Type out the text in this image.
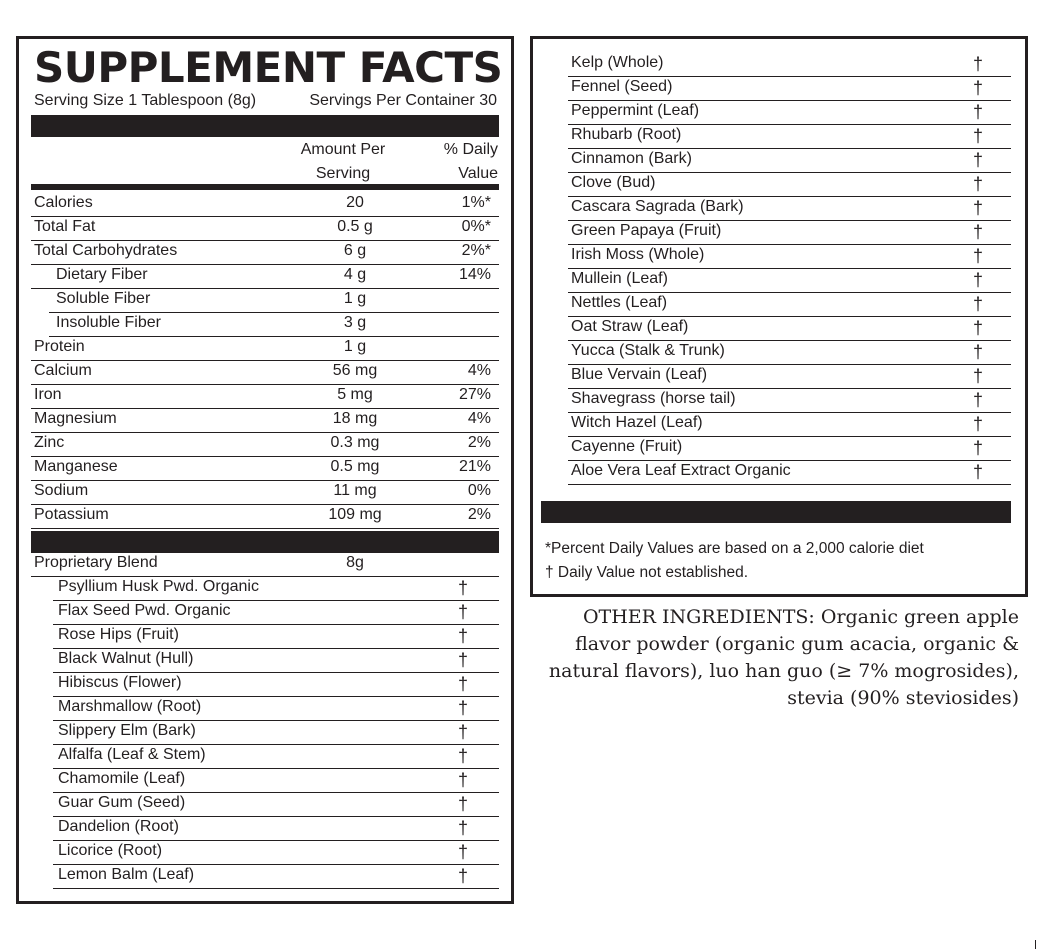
SUPPLEMENT FACTS
Serving Size 1 Tablespoon (8g)	Servings Per Container 30
Amount Per
Serving
% Daily
Value
Calories	20	1%*
Total Fat	0.5 g	0%*
Total Carbohydrates	6 g	2%*
Dietary Fiber	4 g	14%
Soluble Fiber	1 g
Insoluble Fiber	3 g
Protein	1 g
Calcium	56 mg	4%
Iron	5 mg	27%
Magnesium	18 mg	4%
Zinc	0.3 mg	2%
Manganese	0.5 mg	21%
Sodium	11 mg	0%
Potassium	109 mg	2%
Proprietary Blend	8g
Psyllium Husk Pwd. Organic	†
Flax Seed Pwd. Organic	†
Rose Hips (Fruit)	†
Black Walnut (Hull)	†
Hibiscus (Flower)	†
Marshmallow (Root)	†
Slippery Elm (Bark)	†
Alfalfa (Leaf & Stem)	†
Chamomile (Leaf)	†
Guar Gum (Seed)	†
Dandelion (Root)	†
Licorice (Root)	†
Lemon Balm (Leaf)	†
Kelp (Whole)	†
Fennel (Seed)	†
Peppermint (Leaf)	†
Rhubarb (Root)	†
Cinnamon (Bark)	†
Clove (Bud)	†
Cascara Sagrada (Bark)	†
Green Papaya (Fruit)	†
Irish Moss (Whole)	†
Mullein (Leaf)	†
Nettles (Leaf)	†
Oat Straw (Leaf)	†
Yucca (Stalk & Trunk)	†
Blue Vervain (Leaf)	†
Shavegrass (horse tail)	†
Witch Hazel (Leaf)	†
Cayenne (Fruit)	†
Aloe Vera Leaf Extract Organic	†
*Percent Daily Values are based on a 2,000 calorie diet
† Daily Value not established.
OTHER INGREDIENTS: Organic green apple flavor powder (organic gum acacia, organic & natural flavors), luo han guo (≥ 7% mogrosides), stevia (90% steviosides)
